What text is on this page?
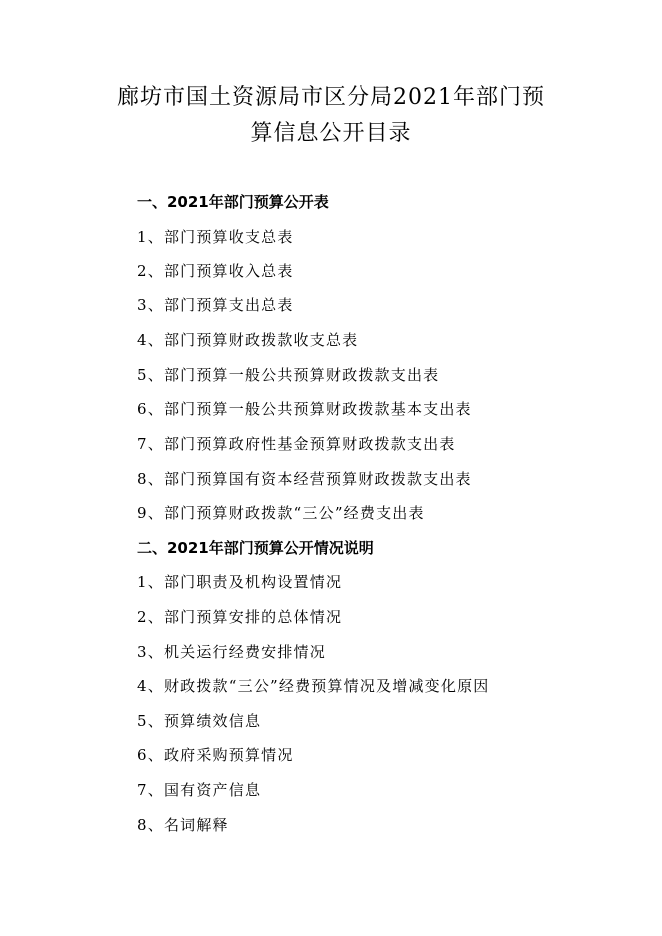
廊坊市国土资源局市区分局2021年部门预
算信息公开目录
一、2021年部门预算公开表
1、部门预算收支总表
2、部门预算收入总表
3、部门预算支出总表
4、部门预算财政拨款收支总表
5、部门预算一般公共预算财政拨款支出表
6、部门预算一般公共预算财政拨款基本支出表
7、部门预算政府性基金预算财政拨款支出表
8、部门预算国有资本经营预算财政拨款支出表
9、部门预算财政拨款“三公”经费支出表
二、2021年部门预算公开情况说明
1、部门职责及机构设置情况
2、部门预算安排的总体情况
3、机关运行经费安排情况
4、财政拨款“三公”经费预算情况及增减变化原因
5、预算绩效信息
6、政府采购预算情况
7、国有资产信息
8、名词解释
